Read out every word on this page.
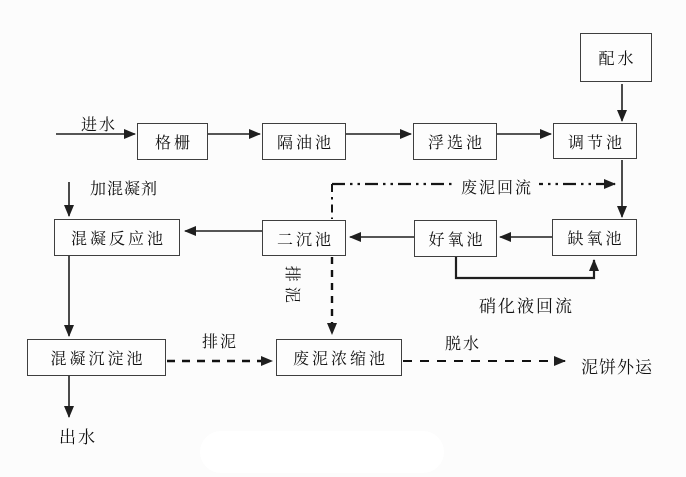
配水
格栅	隔油池	浮选池	调节池
缺氧池
好氧池
二沉池
混凝反应池
混凝沉淀池	废泥浓缩池
进水
加混凝剂	废泥回流
排泥
排泥
硝化液回流
脱水
泥饼外运
出水
